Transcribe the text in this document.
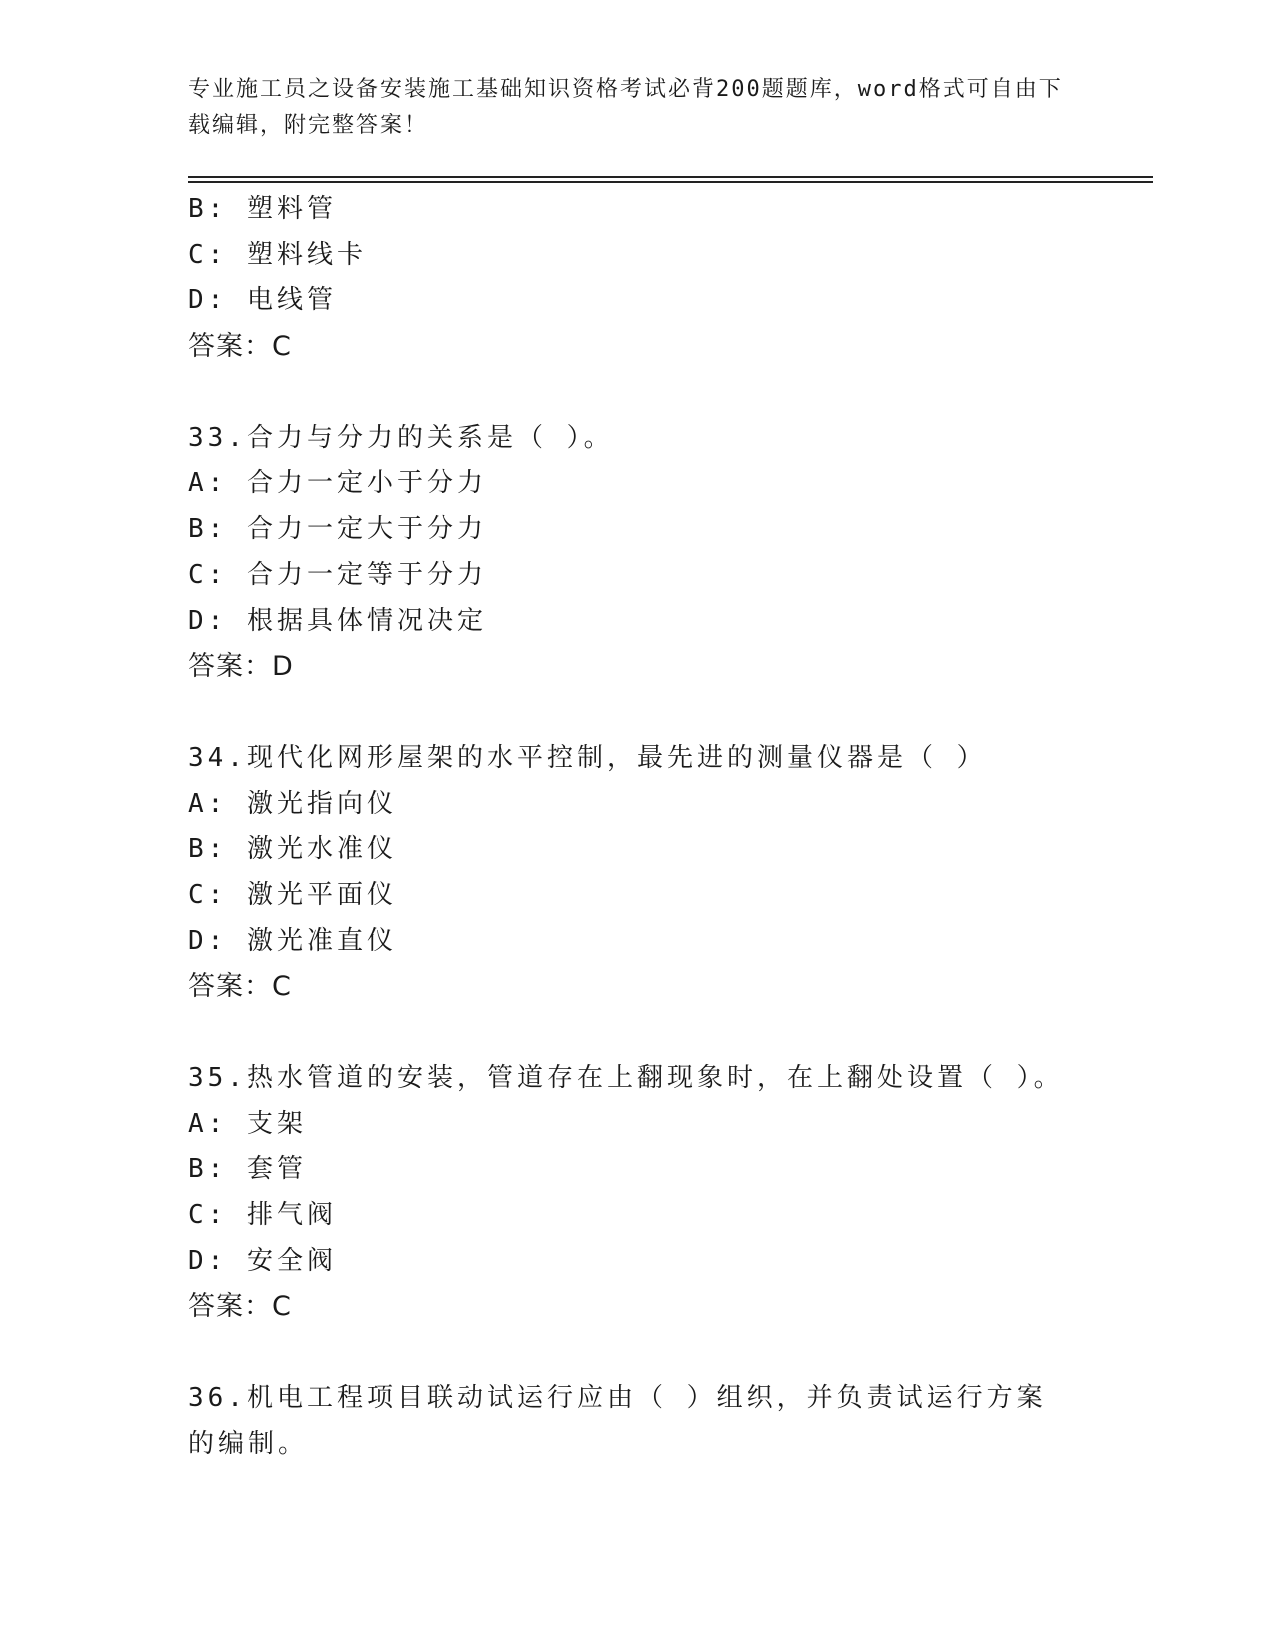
专业施工员之设备安装施工基础知识资格考试必背200题题库，word格式可自由下载编辑，附完整答案！
B: 塑料管
C: 塑料线卡
D: 电线管
答案：C
33.合力与分力的关系是（ ）。
A: 合力一定小于分力
B: 合力一定大于分力
C: 合力一定等于分力
D: 根据具体情况决定
答案：D
34.现代化网形屋架的水平控制，最先进的测量仪器是（ ）
A: 激光指向仪
B: 激光水准仪
C: 激光平面仪
D: 激光准直仪
答案：C
35.热水管道的安装，管道存在上翻现象时，在上翻处设置（ ）。
A: 支架
B: 套管
C: 排气阀
D: 安全阀
答案：C
36.机电工程项目联动试运行应由（ ）组织，并负责试运行方案的编制。
